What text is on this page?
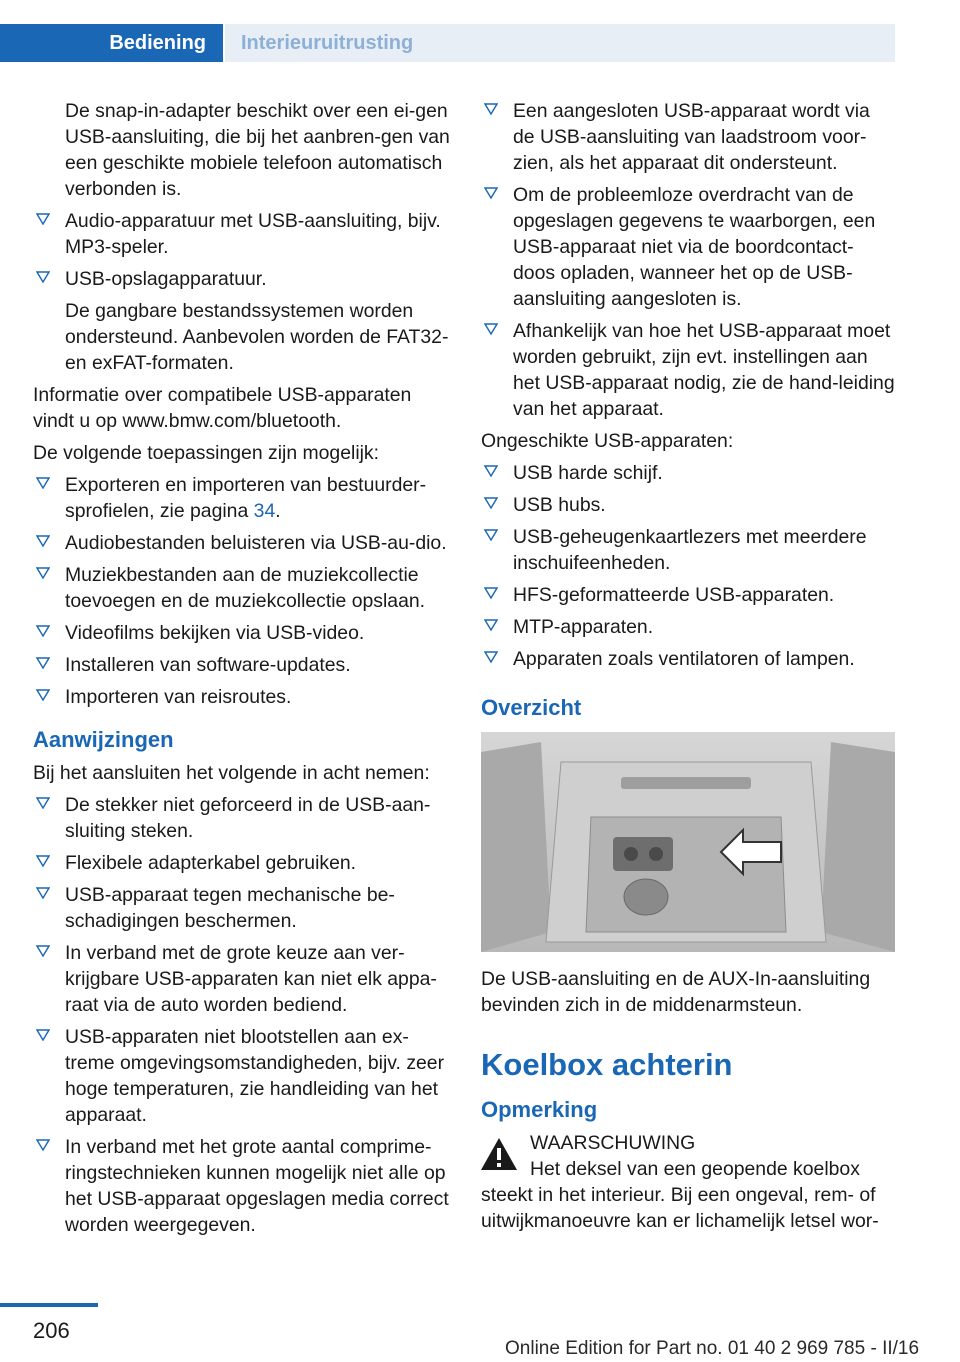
Bediening	Interieuruitrusting

De snap-in-adapter beschikt over een ei-gen USB-aansluiting, die bij het aanbren-gen van een geschikte mobiele telefoon automatisch verbonden is.

Audio-apparatuur met USB-aansluiting, bijv. MP3-speler.
USB-opslagapparatuur.
De gangbare bestandssystemen worden ondersteund. Aanbevolen worden de FAT32- en exFAT-formaten.

Informatie over compatibele USB-apparaten vindt u op www.bmw.com/bluetooth.

De volgende toepassingen zijn mogelijk:

Exporteren en importeren van bestuurder-sprofielen, zie pagina 34.
Audiobestanden beluisteren via USB-au-dio.
Muziekbestanden aan de muziekcollectie toevoegen en de muziekcollectie opslaan.
Videofilms bekijken via USB-video.
Installeren van software-updates.
Importeren van reisroutes.
Aanwijzingen

Bij het aansluiten het volgende in acht nemen:

De stekker niet geforceerd in de USB-aan-sluiting steken.
Flexibele adapterkabel gebruiken.
USB-apparaat tegen mechanische be-schadigingen beschermen.
In verband met de grote keuze aan ver-krijgbare USB-apparaten kan niet elk appa-raat via de auto worden bediend.
USB-apparaten niet blootstellen aan ex-treme omgevingsomstandigheden, bijv. zeer hoge temperaturen, zie handleiding van het apparaat.
In verband met het grote aantal comprime-ringstechnieken kunnen mogelijk niet alle op het USB-apparaat opgeslagen media correct worden weergegeven.
Een aangesloten USB-apparaat wordt via de USB-aansluiting van laadstroom voor-zien, als het apparaat dit ondersteunt.
Om de probleemloze overdracht van de opgeslagen gegevens te waarborgen, een USB-apparaat niet via de boordcontact-doos opladen, wanneer het op de USB-aansluiting aangesloten is.
Afhankelijk van hoe het USB-apparaat moet worden gebruikt, zijn evt. instellingen aan het USB-apparaat nodig, zie de hand-leiding van het apparaat.

Ongeschikte USB-apparaten:

USB harde schijf.
USB hubs.
USB-geheugenkaartlezers met meerdere inschuifeenheden.
HFS-geformatteerde USB-apparaten.
MTP-apparaten.
Apparaten zoals ventilatoren of lampen.
Overzicht

De USB-aansluiting en de AUX-In-aansluiting bevinden zich in de middenarmsteun.

Koelbox achterin
Opmerking
WAARSCHUWING

Het deksel van een geopende koelbox steekt in het interieur. Bij een ongeval, rem- of uitwijkmanoeuvre kan er lichamelijk letsel wor-

206
Online Edition for Part no. 01 40 2 969 785 - II/16
